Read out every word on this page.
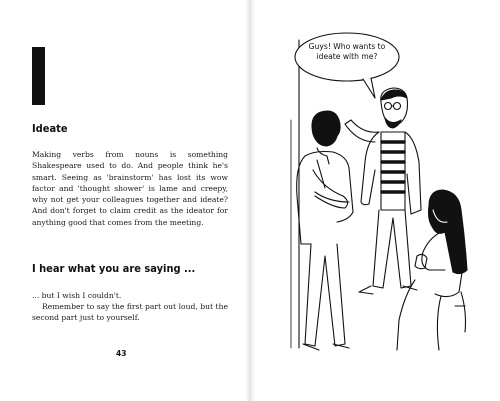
Ideate

Making verbs from nouns is something Shakespeare used to do. And people think he's smart. Seeing as 'brainstorm' has lost its wow factor and 'thought shower' is lame and creepy, why not get your colleagues together and ideate? And don't forget to claim credit as the ideator for anything good that comes from the meeting.

I hear what you are saying ...

... but I wish I couldn't.

Remember to say the first part out loud, but the second part just to yourself.

43
Guys! Who wants to ideate with me?
